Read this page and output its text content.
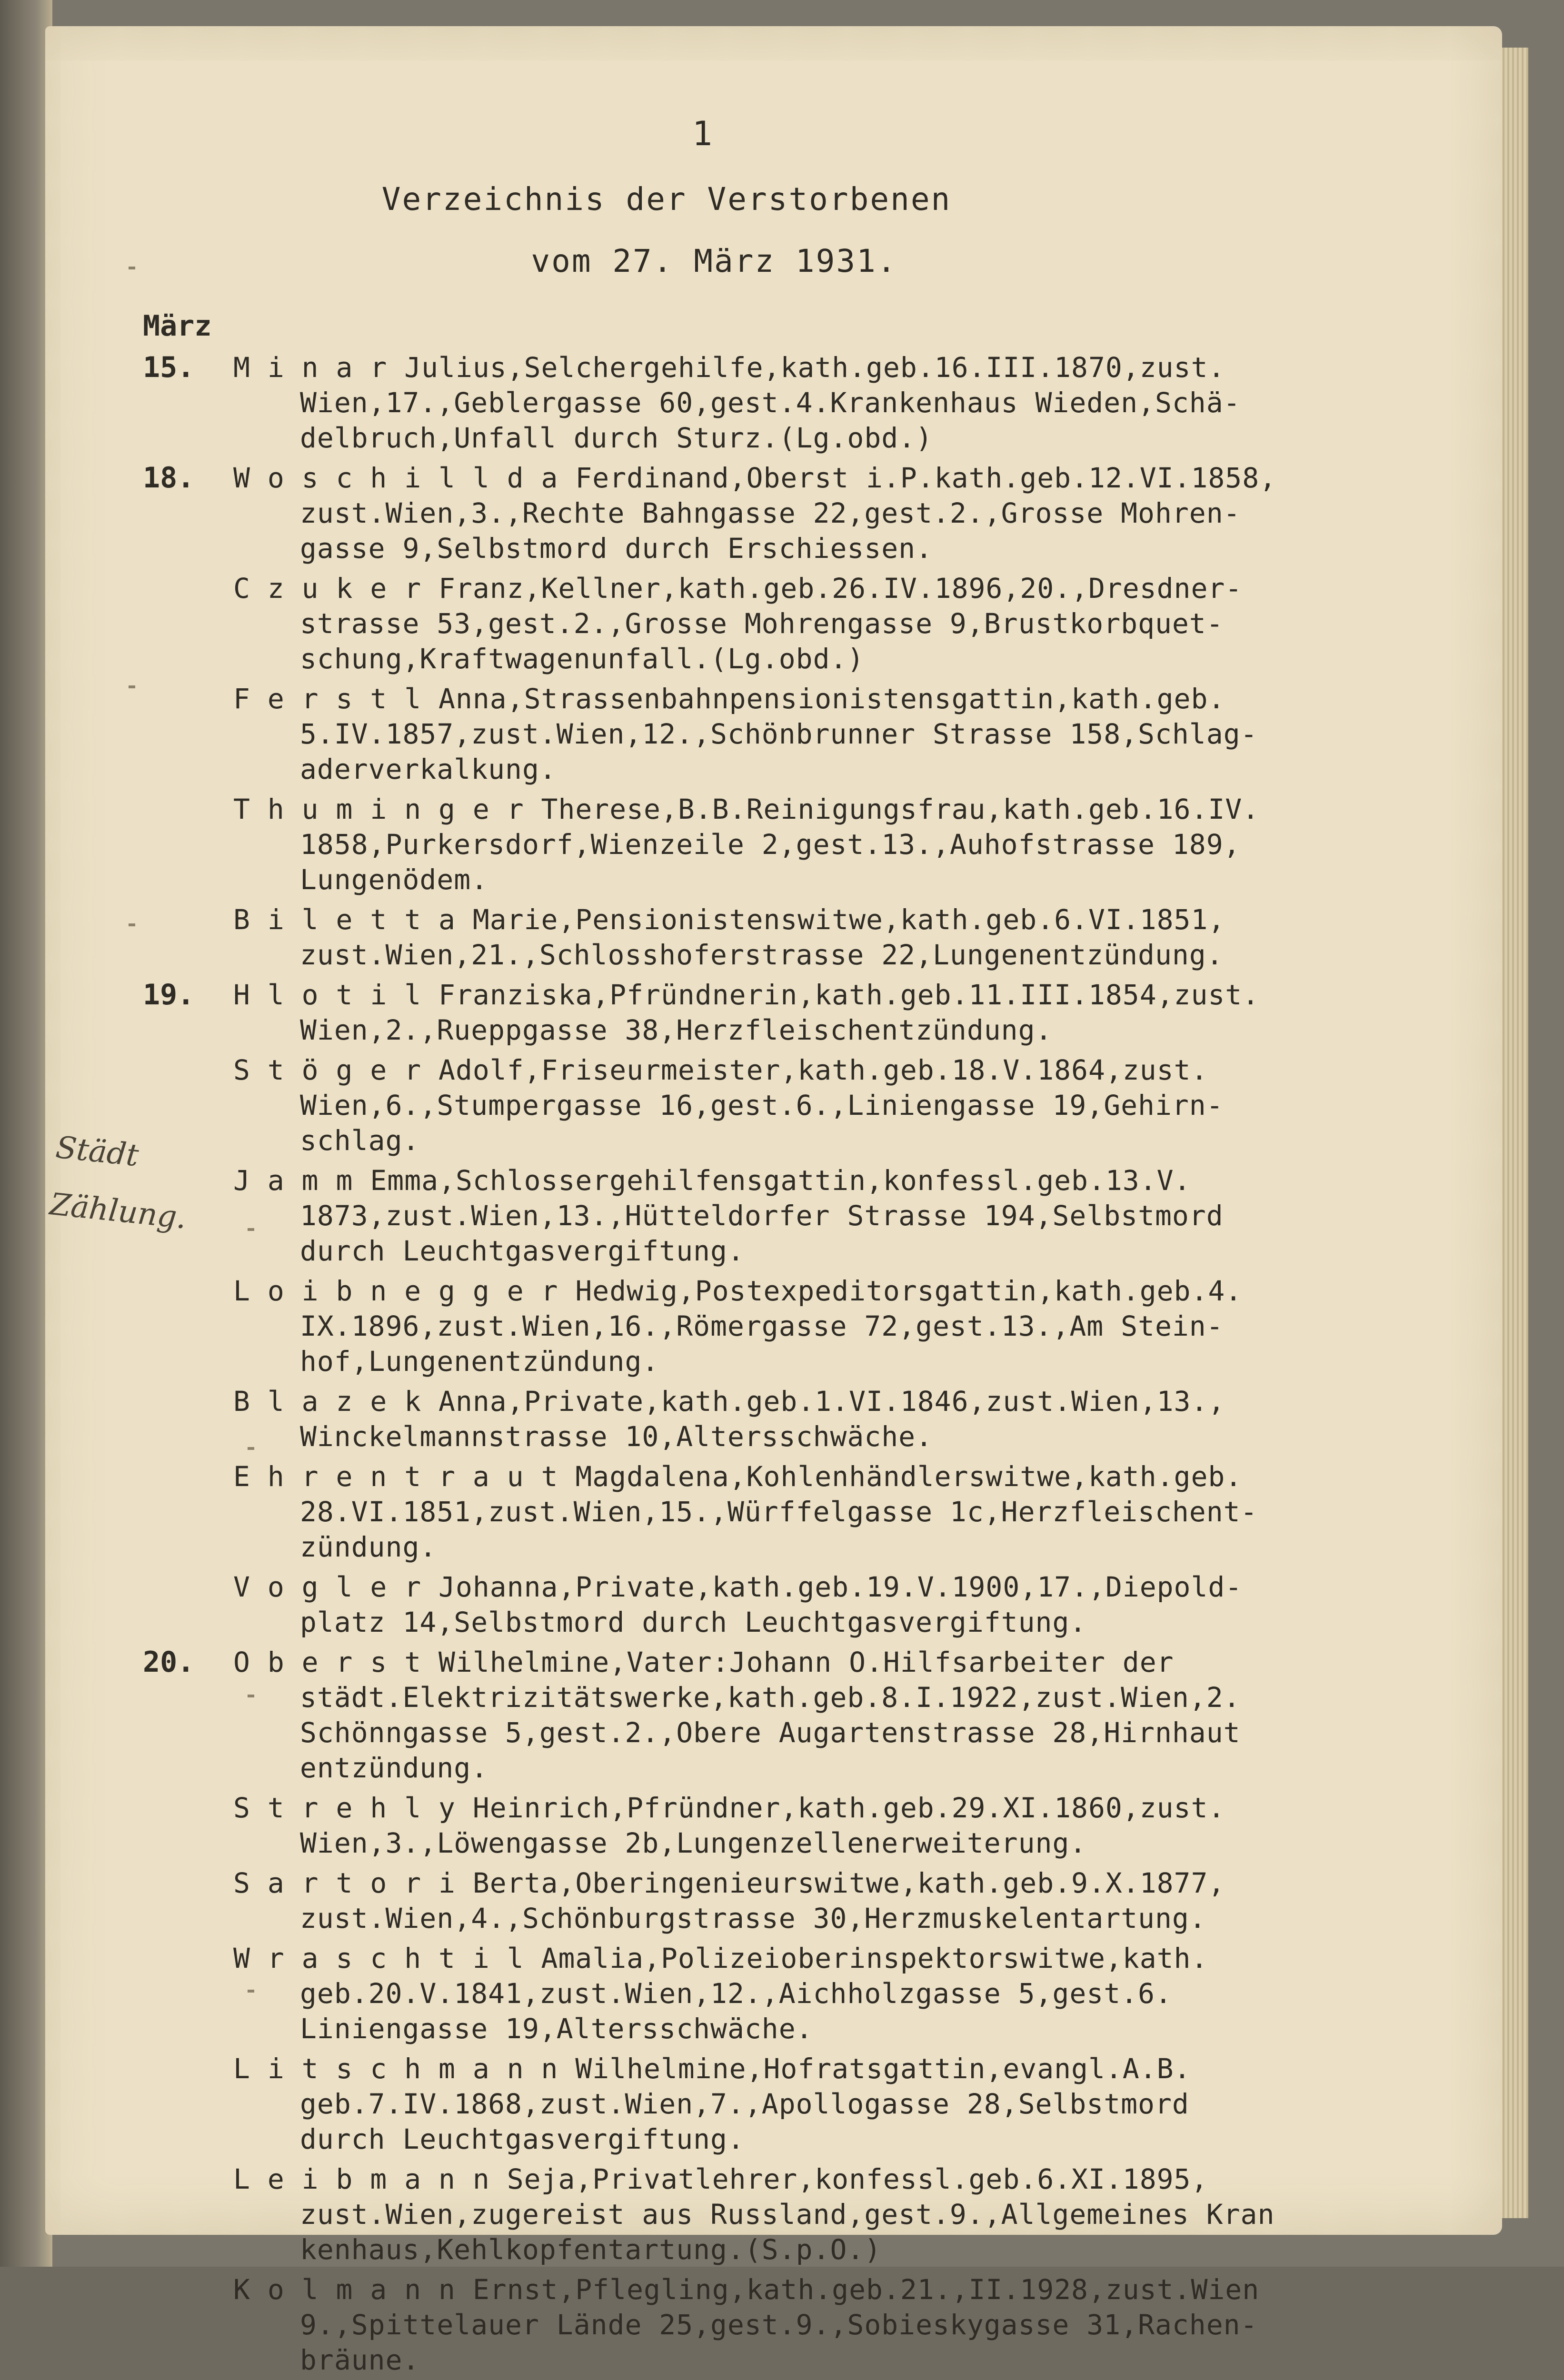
1
Verzeichnis der Verstorbenen
vom 27. März 1931.
März
Städt
Zählung.
15.	M i n a r Julius,Selchergehilfe,kath.geb.16.III.1870,zust.
Wien,17.,Geblergasse 60,gest.4.Krankenhaus Wieden,Schä-
delbruch,Unfall durch Sturz.(Lg.obd.)
18.	W o s c h i l l d a Ferdinand,Oberst i.P.kath.geb.12.VI.1858,
zust.Wien,3.,Rechte Bahngasse 22,gest.2.,Grosse Mohren-
gasse 9,Selbstmord durch Erschiessen.
C z u k e r Franz,Kellner,kath.geb.26.IV.1896,20.,Dresdner-
strasse 53,gest.2.,Grosse Mohrengasse 9,Brustkorbquet-
schung,Kraftwagenunfall.(Lg.obd.)
F e r s t l Anna,Strassenbahnpensionistensgattin,kath.geb.
5.IV.1857,zust.Wien,12.,Schönbrunner Strasse 158,Schlag-
aderverkalkung.
T h u m i n g e r Therese,B.B.Reinigungsfrau,kath.geb.16.IV.
1858,Purkersdorf,Wienzeile 2,gest.13.,Auhofstrasse 189,
Lungenödem.
B i l e t t a Marie,Pensionistenswitwe,kath.geb.6.VI.1851,
zust.Wien,21.,Schlosshoferstrasse 22,Lungenentzündung.
19.	H l o t i l Franziska,Pfründnerin,kath.geb.11.III.1854,zust.
Wien,2.,Rueppgasse 38,Herzfleischentzündung.
S t ö g e r Adolf,Friseurmeister,kath.geb.18.V.1864,zust.
Wien,6.,Stumpergasse 16,gest.6.,Liniengasse 19,Gehirn-
schlag.
J a m m Emma,Schlossergehilfensgattin,konfessl.geb.13.V.
1873,zust.Wien,13.,Hütteldorfer Strasse 194,Selbstmord
durch Leuchtgasvergiftung.
L o i b n e g g e r Hedwig,Postexpeditorsgattin,kath.geb.4.
IX.1896,zust.Wien,16.,Römergasse 72,gest.13.,Am Stein-
hof,Lungenentzündung.
B l a z e k Anna,Private,kath.geb.1.VI.1846,zust.Wien,13.,
Winckelmannstrasse 10,Altersschwäche.
E h r e n t r a u t Magdalena,Kohlenhändlerswitwe,kath.geb.
28.VI.1851,zust.Wien,15.,Würffelgasse 1c,Herzfleischent-
zündung.
V o g l e r Johanna,Private,kath.geb.19.V.1900,17.,Diepold-
platz 14,Selbstmord durch Leuchtgasvergiftung.
20.	O b e r s t Wilhelmine,Vater:Johann O.Hilfsarbeiter der
städt.Elektrizitätswerke,kath.geb.8.I.1922,zust.Wien,2.
Schönngasse 5,gest.2.,Obere Augartenstrasse 28,Hirnhaut
entzündung.
S t r e h l y Heinrich,Pfründner,kath.geb.29.XI.1860,zust.
Wien,3.,Löwengasse 2b,Lungenzellenerweiterung.
S a r t o r i Berta,Oberingenieurswitwe,kath.geb.9.X.1877,
zust.Wien,4.,Schönburgstrasse 30,Herzmuskelentartung.
W r a s c h t i l Amalia,Polizeioberinspektorswitwe,kath.
geb.20.V.1841,zust.Wien,12.,Aichholzgasse 5,gest.6.
Liniengasse 19,Altersschwäche.
L i t s c h m a n n Wilhelmine,Hofratsgattin,evangl.A.B.
geb.7.IV.1868,zust.Wien,7.,Apollogasse 28,Selbstmord
durch Leuchtgasvergiftung.
L e i b m a n n Seja,Privatlehrer,konfessl.geb.6.XI.1895,
zust.Wien,zugereist aus Russland,gest.9.,Allgemeines Kran
kenhaus,Kehlkopfentartung.(S.p.O.)
K o l m a n n Ernst,Pflegling,kath.geb.21.,II.1928,zust.Wien
9.,Spittelauer Lände 25,gest.9.,Sobieskygasse 31,Rachen-
bräune.
